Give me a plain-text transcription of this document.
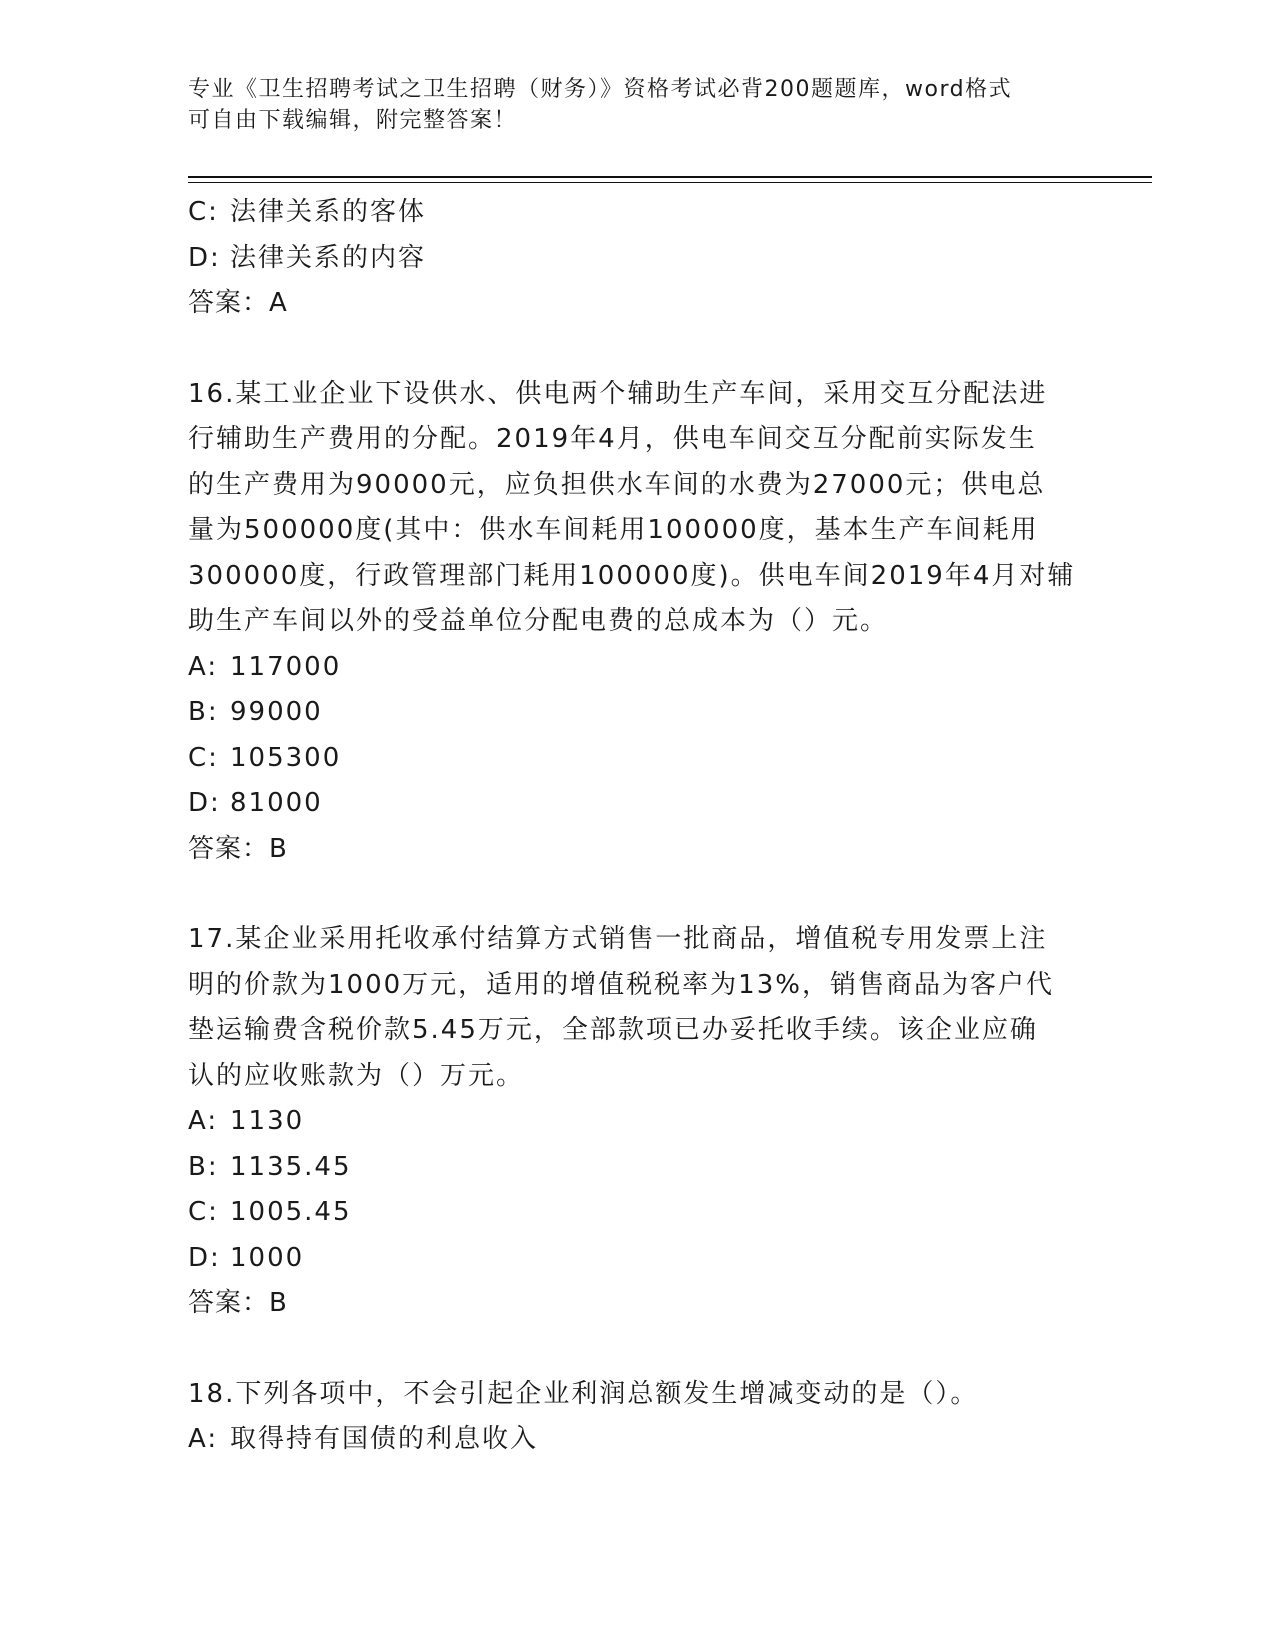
专业《卫生招聘考试之卫生招聘（财务）》资格考试必背200题题库，word格式
可自由下载编辑，附完整答案！
C: 法律关系的客体
D: 法律关系的内容
答案：A
16.某工业企业下设供水、供电两个辅助生产车间，采用交互分配法进
行辅助生产费用的分配。2019年4月，供电车间交互分配前实际发生
的生产费用为90000元，应负担供水车间的水费为27000元；供电总
量为500000度(其中：供水车间耗用100000度，基本生产车间耗用
300000度，行政管理部门耗用100000度)。供电车间2019年4月对辅
助生产车间以外的受益单位分配电费的总成本为（）元。
A: 117000
B: 99000
C: 105300
D: 81000
答案：B
17.某企业采用托收承付结算方式销售一批商品，增值税专用发票上注
明的价款为1000万元，适用的增值税税率为13%，销售商品为客户代
垫运输费含税价款5.45万元，全部款项已办妥托收手续。该企业应确
认的应收账款为（）万元。
A: 1130
B: 1135.45
C: 1005.45
D: 1000
答案：B
18.下列各项中，不会引起企业利润总额发生增减变动的是（）。
A: 取得持有国债的利息收入
